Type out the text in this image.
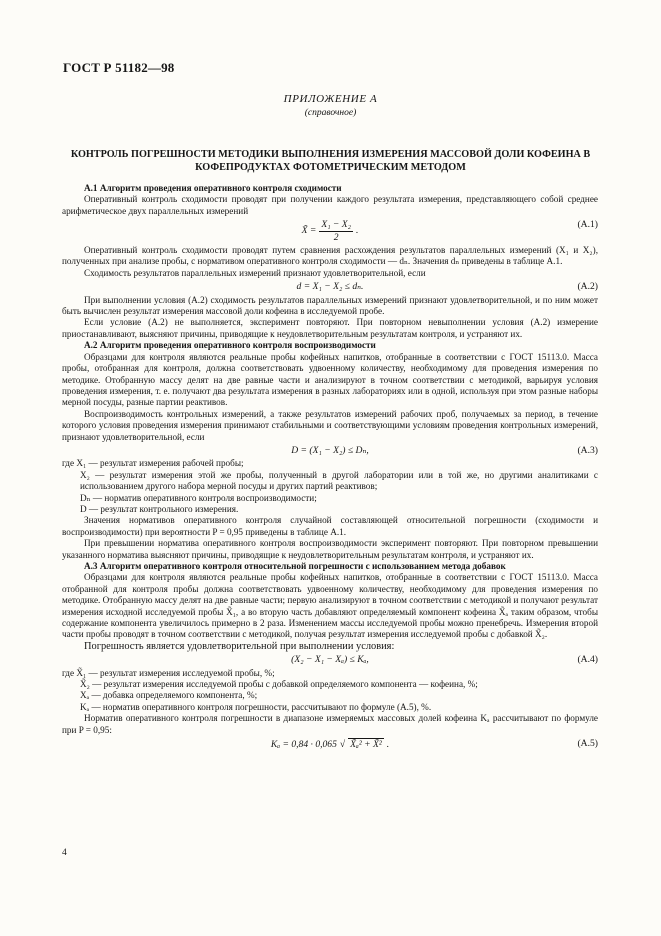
ГОСТ Р 51182—98
ПРИЛОЖЕНИЕ А
(справочное)
КОНТРОЛЬ ПОГРЕШНОСТИ МЕТОДИКИ ВЫПОЛНЕНИЯ ИЗМЕРЕНИЯ МАССОВОЙ ДОЛИ КОФЕИНА В КОФЕПРОДУКТАХ ФОТОМЕТРИЧЕСКИМ МЕТОДОМ

А.1 Алгоритм проведения оперативного контроля сходимости

Оперативный контроль сходимости проводят при получении каждого результата измерения, представляющего собой среднее арифметическое двух параллельных измерений

X̃ = $\frac{\text{X₁ − X₂}}{2}$ .
(А.1)

Оперативный контроль сходимости проводят путем сравнения расхождения результатов параллельных измерений (X₁ и X₂), полученных при анализе пробы, с нормативом оперативного контроля сходимости — dₙ. Значения dₙ приведены в таблице А.1.

Сходимость результатов параллельных измерений признают удовлетворительной, если

d = X₁ − X₂ ≤ dₙ.	(А.2)

При выполнении условия (А.2) сходимость результатов параллельных измерений признают удовлетворительной, и по ним может быть вычислен результат измерения массовой доли кофеина в исследуемой пробе.

Если условие (А.2) не выполняется, эксперимент повторяют. При повторном невыполнении условия (А.2) измерение приостанавливают, выясняют причины, приводящие к неудовлетворительным результатам контроля, и устраняют их.

А.2 Алгоритм проведения оперативного контроля воспроизводимости

Образцами для контроля являются реальные пробы кофейных напитков, отобранные в соответствии с ГОСТ 15113.0. Масса пробы, отобранная для контроля, должна соответствовать удвоенному количеству, необходимому для проведения измерения по методике. Отобранную массу делят на две равные части и анализируют в точном соответствии с методикой, варьируя условия проведения измерения, т. е. получают два результата измерения в разных лабораториях или в одной, используя при этом разные наборы мерной посуды, разные партии реактивов.

Воспроизводимость контрольных измерений, а также результатов измерений рабочих проб, получаемых за период, в течение которого условия проведения измерения принимают стабильными и соответствующими условиям проведения контрольных измерений, признают удовлетворительной, если

D = (X₁ − X₂) ≤ Dₙ,	(А.3)

где X₁ — результат измерения рабочей пробы;

X₂ — результат измерения этой же пробы, полученный в другой лаборатории или в той же, но другими аналитиками с использованием другого набора мерной посуды и других партий реактивов;

Dₙ — норматив оперативного контроля воспроизводимости;

D — результат контрольного измерения.

Значения нормативов оперативного контроля случайной составляющей относительной погрешности (сходимости и воспроизводимости) при вероятности P = 0,95 приведены в таблице А.1.

При превышении норматива оперативного контроля воспроизводимости эксперимент повторяют. При повторном превышении указанного норматива выясняют причины, приводящие к неудовлетворительным результатам контроля, и устраняют их.

А.3 Алгоритм оперативного контроля относительной погрешности с использованием метода добавок

Образцами для контроля являются реальные пробы кофейных напитков, отобранные в соответствии с ГОСТ 15113.0. Масса отобранной для контроля пробы должна соответствовать удвоенному количеству, необходимому для проведения измерения по методике. Отобранную массу делят на две равные части; первую анализируют в точном соответствии с методикой и получают результат измерения исходной исследуемой пробы X̃₁, а во вторую часть добавляют определяемый компонент кофеина X̃ₐ таким образом, чтобы содержание компонента увеличилось примерно в 2 раза. Изменением массы исследуемой пробы можно пренебречь. Измерения второй части пробы проводят в точном соответствии с методикой, получая результат измерения исследуемой пробы с добавкой X̃₂.

Погрешность является удовлетворительной при выполнении условия:

(X₂ − X₁ − Xₐ) ≤ Kₐ,	(А.4)

где X̃₁ — результат измерения исследуемой пробы, %;

X̃₂ — результат измерения исследуемой пробы с добавкой определяемого компонента — кофеина, %;

Xₐ — добавка определяемого компонента, %;

Kₐ — норматив оперативного контроля погрешности, рассчитывают по формуле (А.5), %.

Норматив оперативного контроля погрешности в диапазоне измеряемых массовых долей кофеина Kₐ рассчитывают по формуле при P = 0,95:

Kₐ = 0,84 · 0,065 √ X̃ₐ² + X̃² .	(А.5)
4
